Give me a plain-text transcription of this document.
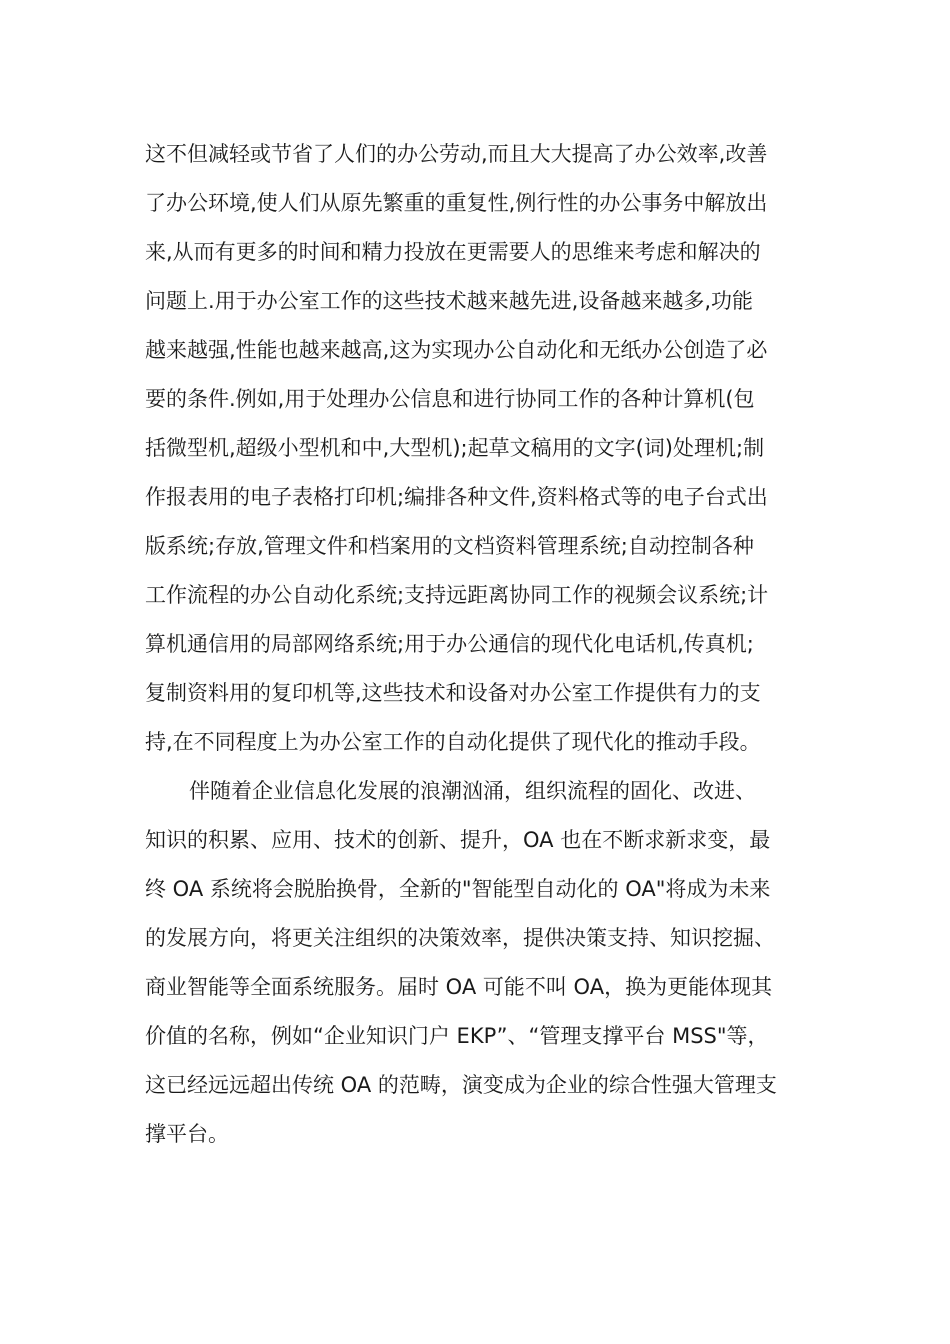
这不但减轻或节省了人们的办公劳动,而且大大提高了办公效率,改善
了办公环境,使人们从原先繁重的重复性,例行性的办公事务中解放出
来,从而有更多的时间和精力投放在更需要人的思维来考虑和解决的
问题上.用于办公室工作的这些技术越来越先进,设备越来越多,功能
越来越强,性能也越来越高,这为实现办公自动化和无纸办公创造了必
要的条件.例如,用于处理办公信息和进行协同工作的各种计算机(包
括微型机,超级小型机和中,大型机);起草文稿用的文字(词)处理机;制
作报表用的电子表格打印机;编排各种文件,资料格式等的电子台式出
版系统;存放,管理文件和档案用的文档资料管理系统;自动控制各种
工作流程的办公自动化系统;支持远距离协同工作的视频会议系统;计
算机通信用的局部网络系统;用于办公通信的现代化电话机,传真机;
复制资料用的复印机等,这些技术和设备对办公室工作提供有力的支
持,在不同程度上为办公室工作的自动化提供了现代化的推动手段。
伴随着企业信息化发展的浪潮汹涌，组织流程的固化、改进、
知识的积累、应用、技术的创新、提升，OA 也在不断求新求变，最
终 OA 系统将会脱胎换骨，全新的"智能型自动化的 OA"将成为未来
的发展方向，将更关注组织的决策效率，提供决策支持、知识挖掘、
商业智能等全面系统服务。届时 OA 可能不叫 OA，换为更能体现其
价值的名称，例如“企业知识门户 EKP”、“管理支撑平台 MSS"等，
这已经远远超出传统 OA 的范畴，演变成为企业的综合性强大管理支
撑平台。
